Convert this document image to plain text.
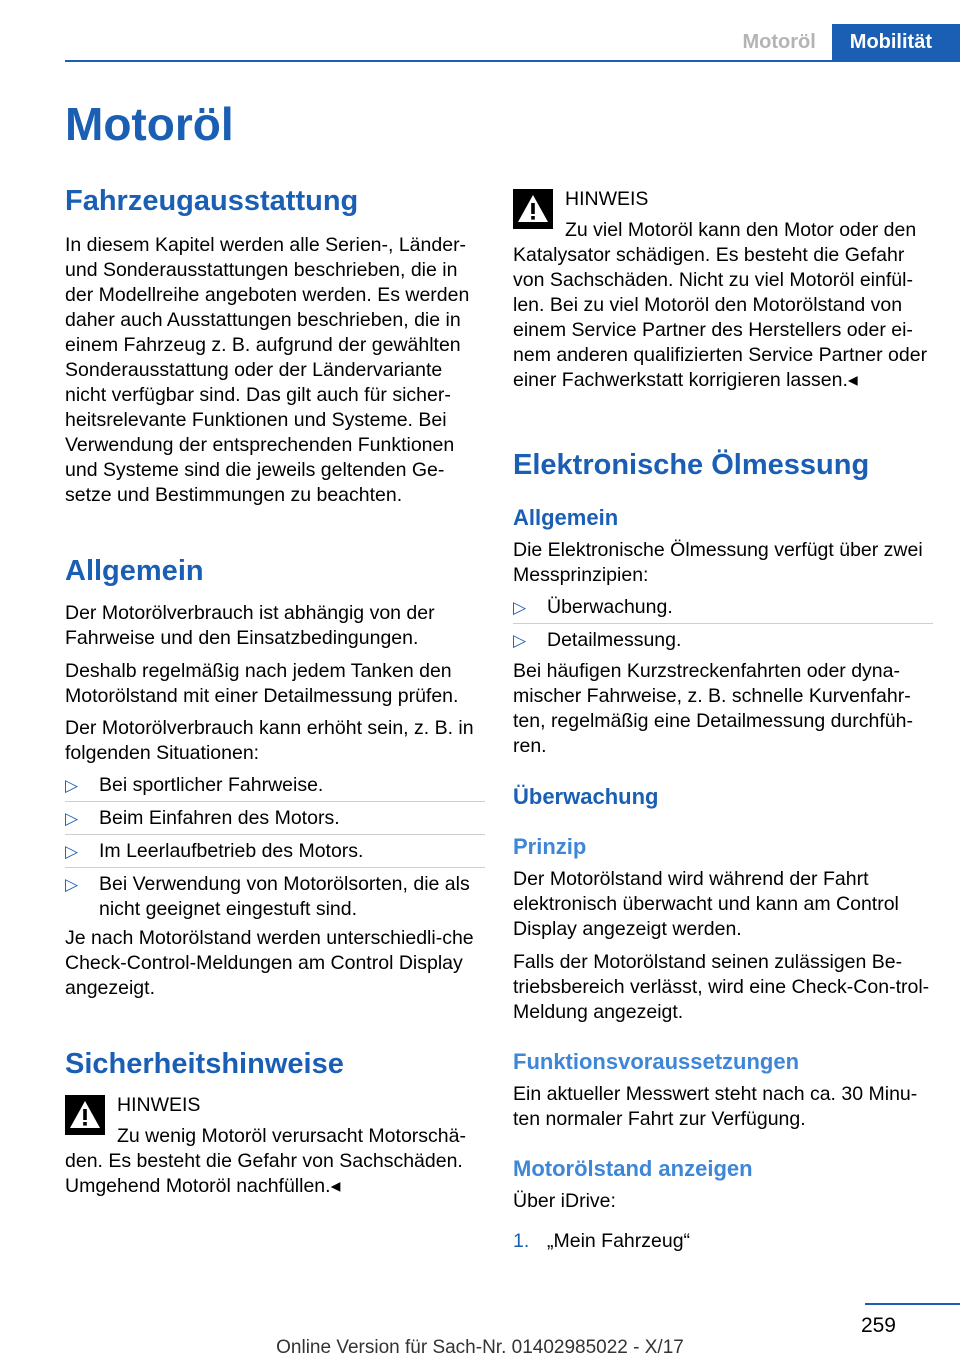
Motoröl	Mobilität
Motoröl
Fahrzeugausstattung

In diesem Kapitel werden alle Serien-, Länder- und Sonderausstattungen beschrieben, die in der Modellreihe angeboten werden. Es werden daher auch Ausstattungen beschrieben, die in einem Fahrzeug z. B. aufgrund der gewählten Sonderausstattung oder der Ländervariante nicht verfügbar sind. Das gilt auch für sicher-heitsrelevante Funktionen und Systeme. Bei Verwendung der entsprechenden Funktionen und Systeme sind die jeweils geltenden Ge-setze und Bestimmungen zu beachten.

Allgemein

Der Motorölverbrauch ist abhängig von der Fahrweise und den Einsatzbedingungen.

Deshalb regelmäßig nach jedem Tanken den Motorölstand mit einer Detailmessung prüfen.

Der Motorölverbrauch kann erhöht sein, z. B. in folgenden Situationen:

▷ Bei sportlicher Fahrweise.
▷ Beim Einfahren des Motors.
▷ Im Leerlaufbetrieb des Motors.
▷ Bei Verwendung von Motorölsorten, die als nicht geeignet eingestuft sind.

Je nach Motorölstand werden unterschiedli-che Check-Control-Meldungen am Control Display angezeigt.

Sicherheitshinweise

HINWEIS

Zu wenig Motoröl verursacht Motorschä-

den. Es besteht die Gefahr von Sachschäden. Umgehend Motoröl nachfüllen.◂

HINWEIS

Zu viel Motoröl kann den Motor oder den

Katalysator schädigen. Es besteht die Gefahr von Sachschäden. Nicht zu viel Motoröl einfül-len. Bei zu viel Motoröl den Motorölstand von einem Service Partner des Herstellers oder ei-nem anderen qualifizierten Service Partner oder einer Fachwerkstatt korrigieren lassen.◂

Elektronische Ölmessung
Allgemein

Die Elektronische Ölmessung verfügt über zwei Messprinzipien:

▷ Überwachung.
▷ Detailmessung.

Bei häufigen Kurzstreckenfahrten oder dyna-mischer Fahrweise, z. B. schnelle Kurvenfahr-ten, regelmäßig eine Detailmessung durchfüh-ren.

Überwachung
Prinzip

Der Motorölstand wird während der Fahrt elektronisch überwacht und kann am Control Display angezeigt werden.

Falls der Motorölstand seinen zulässigen Be-triebsbereich verlässt, wird eine Check-Con-trol-Meldung angezeigt.

Funktionsvoraussetzungen

Ein aktueller Messwert steht nach ca. 30 Minu-ten normaler Fahrt zur Verfügung.

Motorölstand anzeigen

Über iDrive:

1. „Mein Fahrzeug“
259
Online Version für Sach-Nr. 01402985022 - X/17
